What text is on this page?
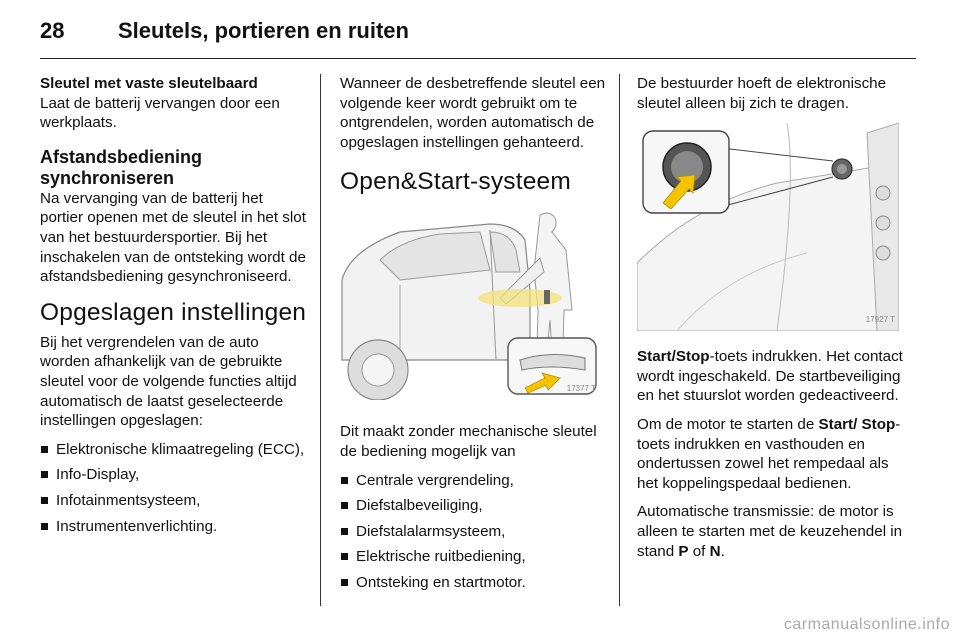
28 Sleutels, portieren en ruiten

Sleutel met vaste sleutelbaard

Laat de batterij vervangen door een werkplaats.

Afstandsbediening synchroniseren

Na vervanging van de batterij het portier openen met de sleutel in het slot van het bestuurdersportier. Bij het inschakelen van de ontsteking wordt de afstandsbediening gesynchroniseerd.

Opgeslagen instellingen

Bij het vergrendelen van de auto worden afhankelijk van de gebruikte sleutel voor de volgende functies altijd automatisch de laatst geselecteerde instellingen opgeslagen:

Elektronische klimaatregeling (ECC),
Info-Display,
Infotainmentsysteem,
Instrumentenverlichting.

Wanneer de desbetreffende sleutel een volgende keer wordt gebruikt om te ontgrendelen, worden automatisch de opgeslagen instellingen gehanteerd.

Open&Start-systeem

17377 T

Dit maakt zonder mechanische sleutel de bediening mogelijk van

Centrale vergrendeling,
Diefstalbeveiliging,
Diefstalalarmsysteem,
Elektrische ruitbediening,
Ontsteking en startmotor.

De bestuurder hoeft de elektronische sleutel alleen bij zich te dragen.

17927 T

Start/Stop-toets indrukken. Het contact wordt ingeschakeld. De startbeveiliging en het stuurslot worden gedeactiveerd.

Om de motor te starten de Start/ Stop-toets indrukken en vasthouden en ondertussen zowel het rempedaal als het koppelingspedaal bedienen.

Automatische transmissie: de motor is alleen te starten met de keuzehendel in stand P of N.

carmanualsonline.info
